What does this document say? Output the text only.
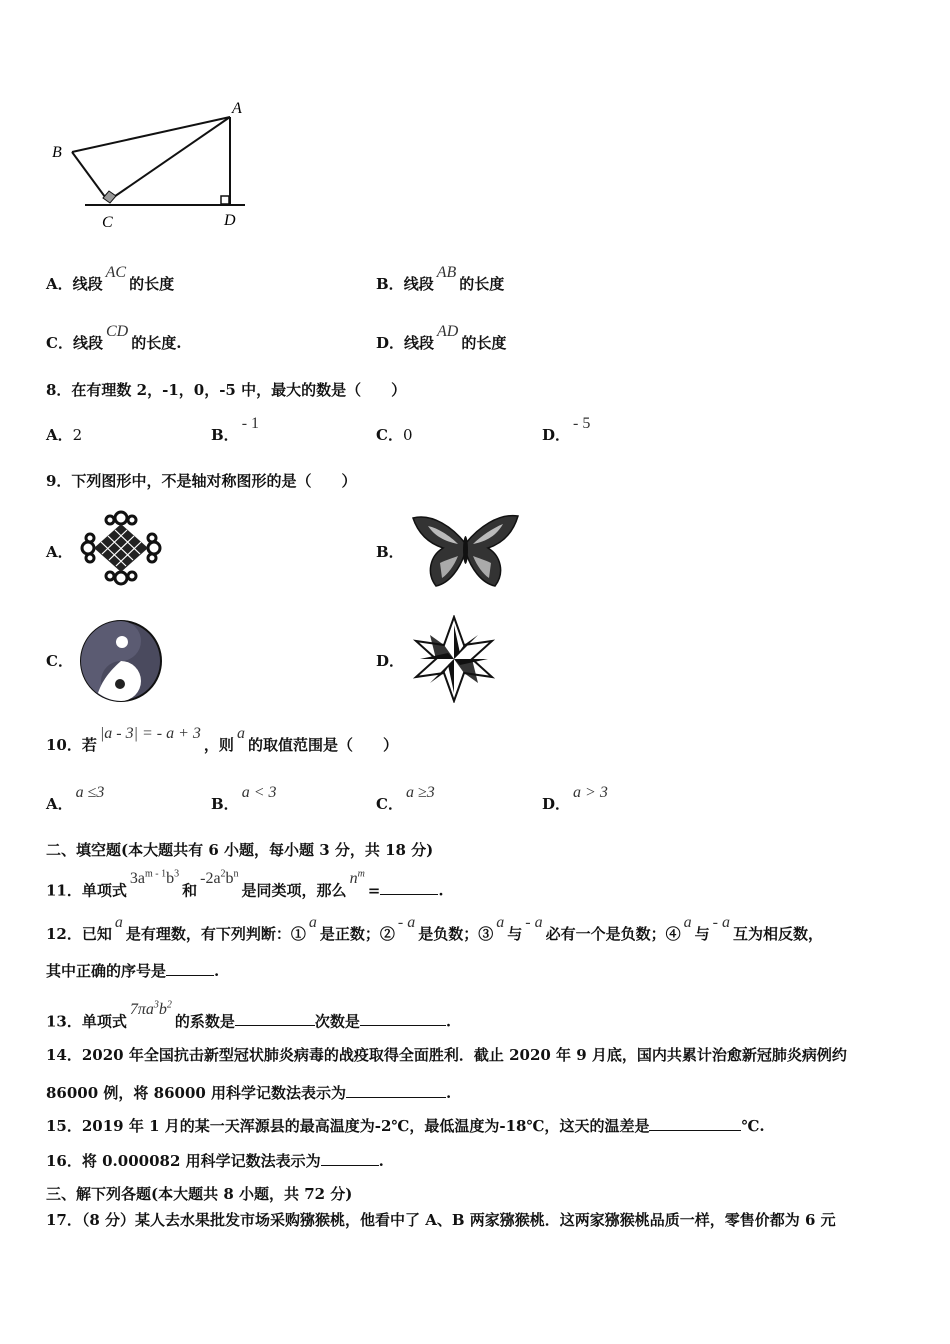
A
B
C	D
A．线段AC的长度	B．线段AB的长度
C．线段CD的长度.	D．线段AD的长度
8．在有理数 2，-1，0，-5 中，最大的数是（　　）
A．2	B．- 1
C．0	D．- 5
9．下列图形中，不是轴对称图形的是（　　）
A．	B．
C．	D．
10．若|a - 3| = - a + 3，则a的取值范围是（　　）
A．a ≤3
B．a < 3
C．a ≥3
D．a > 3
二、填空题(本大题共有 6 小题，每小题 3 分，共 18 分)
11．单项式$3a^{m - 1}b^3$和$-2a^2b^n$是同类项，那么$n^m=$	.
12．已知a是有理数，有下列判断：①a是正数；②- a是负数；③a与- a必有一个是负数；④a与- a互为相反数，
其中正确的序号是	.
13．单项式$7\pi a^3b^2$的系数是	次数是	.
14．2020 年全国抗击新型冠状肺炎病毒的战疫取得全面胜利．截止 2020 年 9 月底，国内共累计治愈新冠肺炎病例约
86000 例，将 86000 用科学记数法表示为	.
15．2019 年 1 月的某一天浑源县的最高温度为-2℃，最低温度为-18℃，这天的温差是	℃.
16．将 0.000082 用科学记数法表示为	.
三、解下列各题(本大题共 8 小题，共 72 分)
17．（8 分）某人去水果批发市场采购猕猴桃，他看中了 A、B 两家猕猴桃．这两家猕猴桃品质一样，零售价都为 6 元
